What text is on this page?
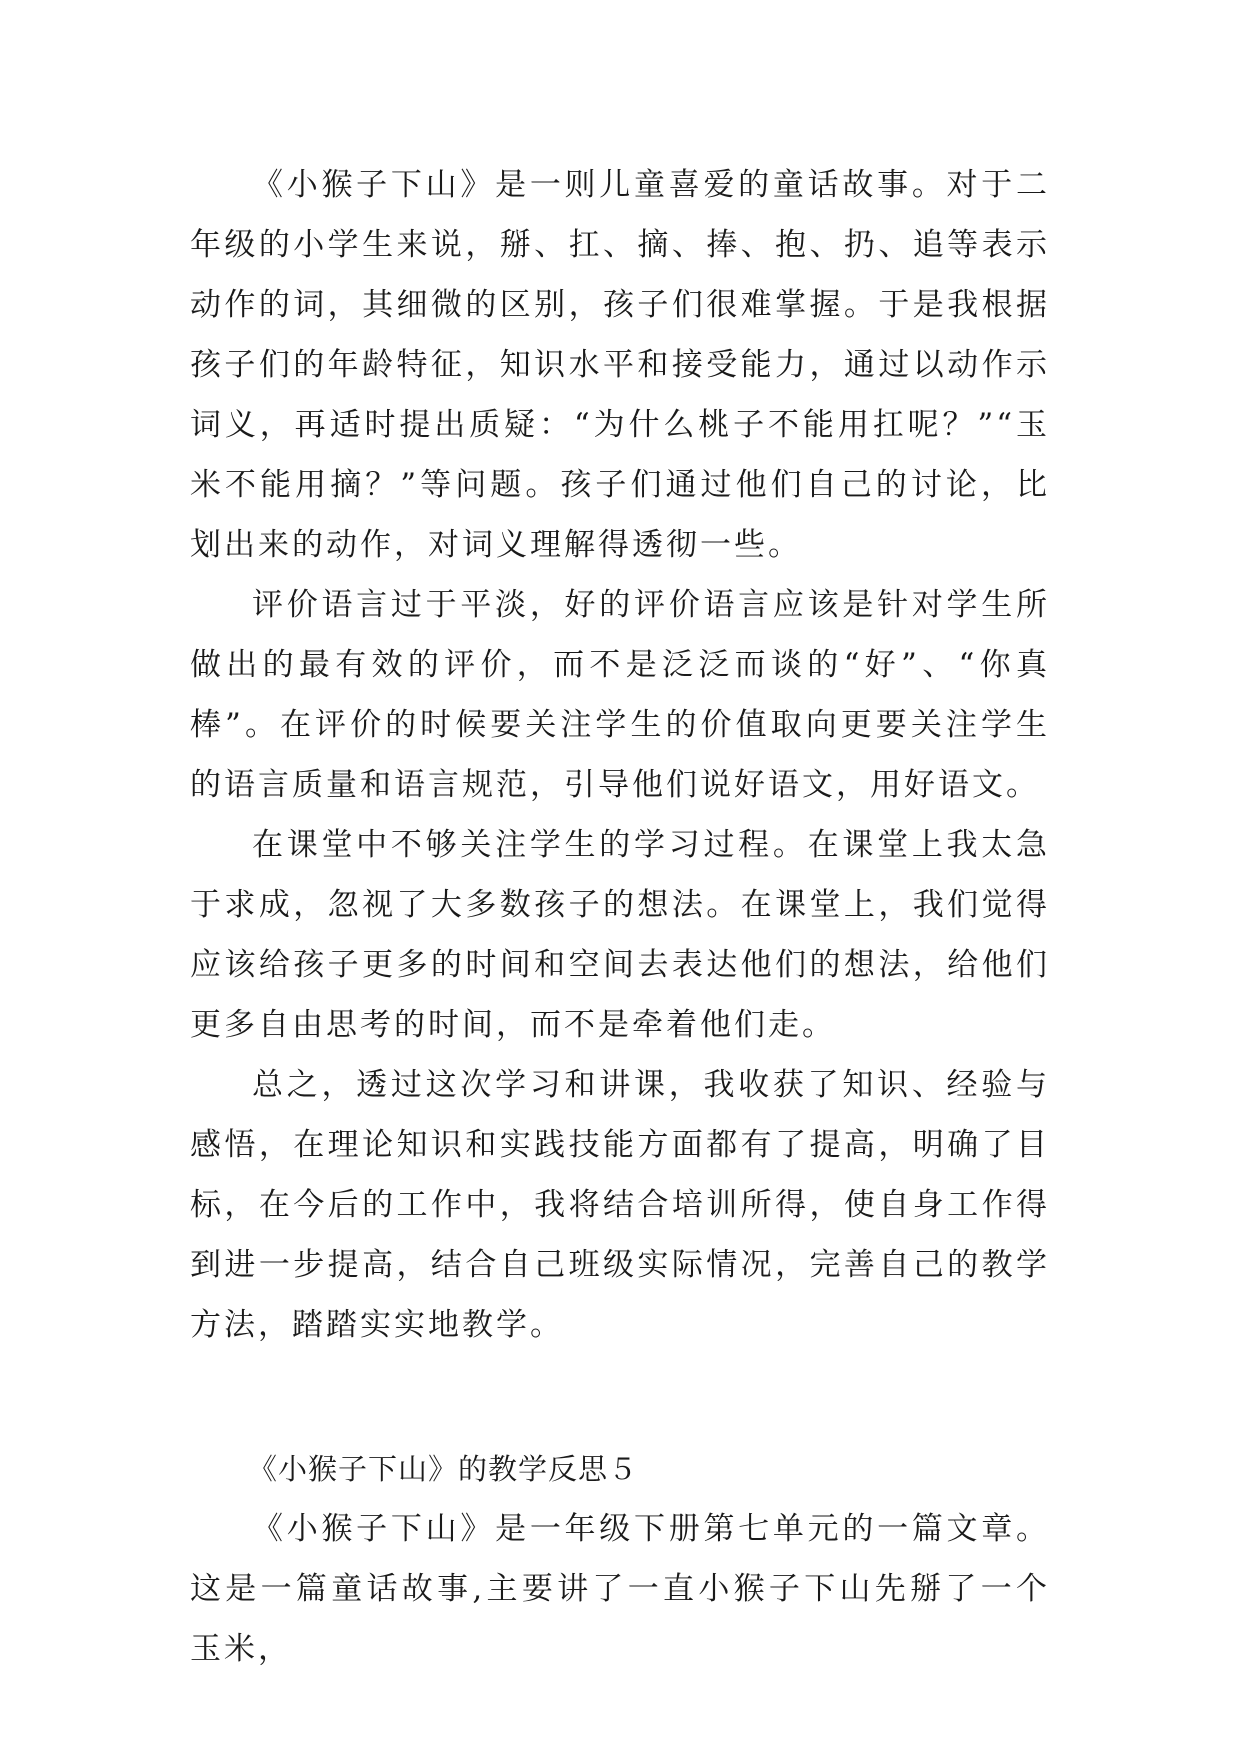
《小猴子下山》是一则儿童喜爱的童话故事。对于二年级的小学生来说，掰、扛、摘、捧、抱、扔、追等表示动作的词，其细微的区别，孩子们很难掌握。于是我根据孩子们的年龄特征，知识水平和接受能力，通过以动作示词义，再适时提出质疑：“为什么桃子不能用扛呢？”“玉米不能用摘？”等问题。孩子们通过他们自己的讨论，比划出来的动作，对词义理解得透彻一些。

评价语言过于平淡，好的评价语言应该是针对学生所做出的最有效的评价，而不是泛泛而谈的“好”、“你真棒”。在评价的时候要关注学生的价值取向更要关注学生的语言质量和语言规范，引导他们说好语文，用好语文。

在课堂中不够关注学生的学习过程。在课堂上我太急于求成，忽视了大多数孩子的想法。在课堂上，我们觉得应该给孩子更多的时间和空间去表达他们的想法，给他们更多自由思考的时间，而不是牵着他们走。

总之，透过这次学习和讲课，我收获了知识、经验与感悟，在理论知识和实践技能方面都有了提高，明确了目标，在今后的工作中，我将结合培训所得，使自身工作得到进一步提高，结合自己班级实际情况，完善自己的教学方法，踏踏实实地教学。

《小猴子下山》的教学反思５

《小猴子下山》是一年级下册第七单元的一篇文章。这是一篇童话故事,主要讲了一直小猴子下山先掰了一个玉米，
